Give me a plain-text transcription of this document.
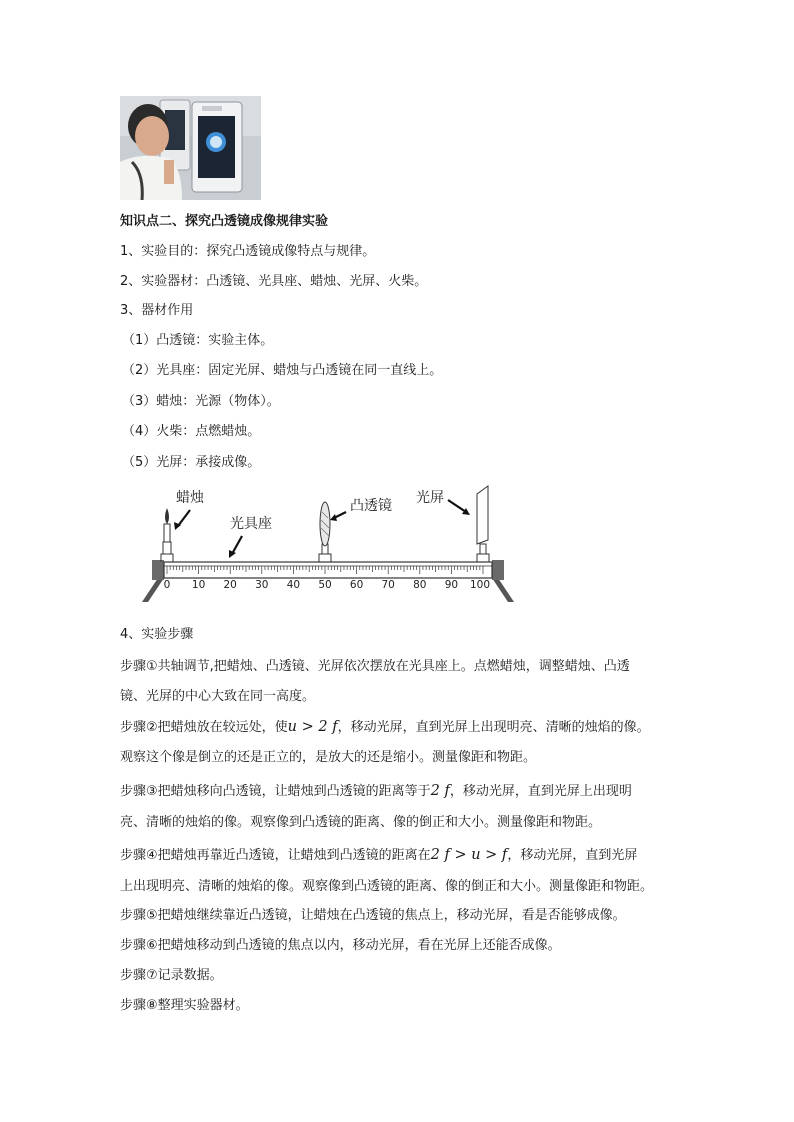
知识点二、探究凸透镜成像规律实验
1、实验目的：探究凸透镜成像特点与规律。
2、实验器材：凸透镜、光具座、蜡烛、光屏、火柴。
3、器材作用
（1）凸透镜：实验主体。
（2）光具座：固定光屏、蜡烛与凸透镜在同一直线上。
（3）蜡烛：光源（物体）。
（4）火柴：点燃蜡烛。
（5）光屏：承接成像。
0 10 20 30 40 50 60 70 80 90 100
蜡烛
光具座
凸透镜 光屏
4、实验步骤
步骤①共轴调节,把蜡烛、凸透镜、光屏依次摆放在光具座上。点燃蜡烛，调整蜡烛、凸透
镜、光屏的中心大致在同一高度。
步骤②把蜡烛放在较远处，使u > 2 f，移动光屏，直到光屏上出现明亮、清晰的烛焰的像。
观察这个像是倒立的还是正立的，是放大的还是缩小。测量像距和物距。
步骤③把蜡烛移向凸透镜，让蜡烛到凸透镜的距离等于2 f，移动光屏，直到光屏上出现明
亮、清晰的烛焰的像。观察像到凸透镜的距离、像的倒正和大小。测量像距和物距。
步骤④把蜡烛再靠近凸透镜，让蜡烛到凸透镜的距离在2 f > u > f，移动光屏，直到光屏
上出现明亮、清晰的烛焰的像。观察像到凸透镜的距离、像的倒正和大小。测量像距和物距。
步骤⑤把蜡烛继续靠近凸透镜，让蜡烛在凸透镜的焦点上，移动光屏，看是否能够成像。
步骤⑥把蜡烛移动到凸透镜的焦点以内，移动光屏，看在光屏上还能否成像。
步骤⑦记录数据。
步骤⑧整理实验器材。
